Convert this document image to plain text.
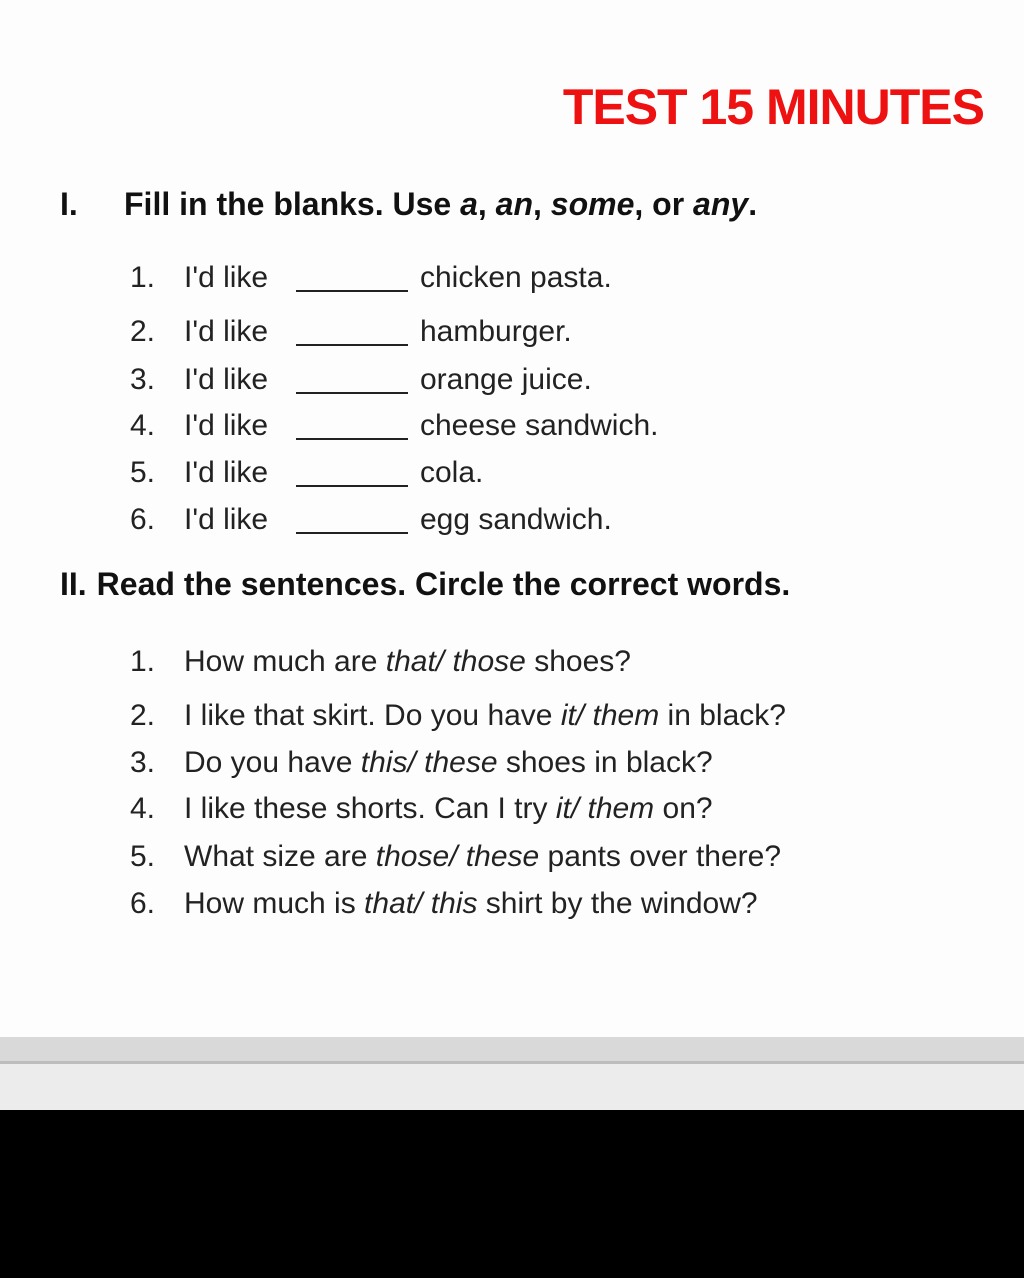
TEST 15 MINUTES
I. Fill in the blanks. Use a, an, some, or any.
1. I'd like	chicken pasta.
2. I'd like	hamburger.
3. I'd like	orange juice.
4. I'd like	cheese sandwich.
5. I'd like	cola.
6. I'd like	egg sandwich.
II. Read the sentences. Circle the correct words.
1. How much are that/ those shoes?
2. I like that skirt. Do you have it/ them in black?
3. Do you have this/ these shoes in black?
4. I like these shorts. Can I try it/ them on?
5. What size are those/ these pants over there?
6. How much is that/ this shirt by the window?
